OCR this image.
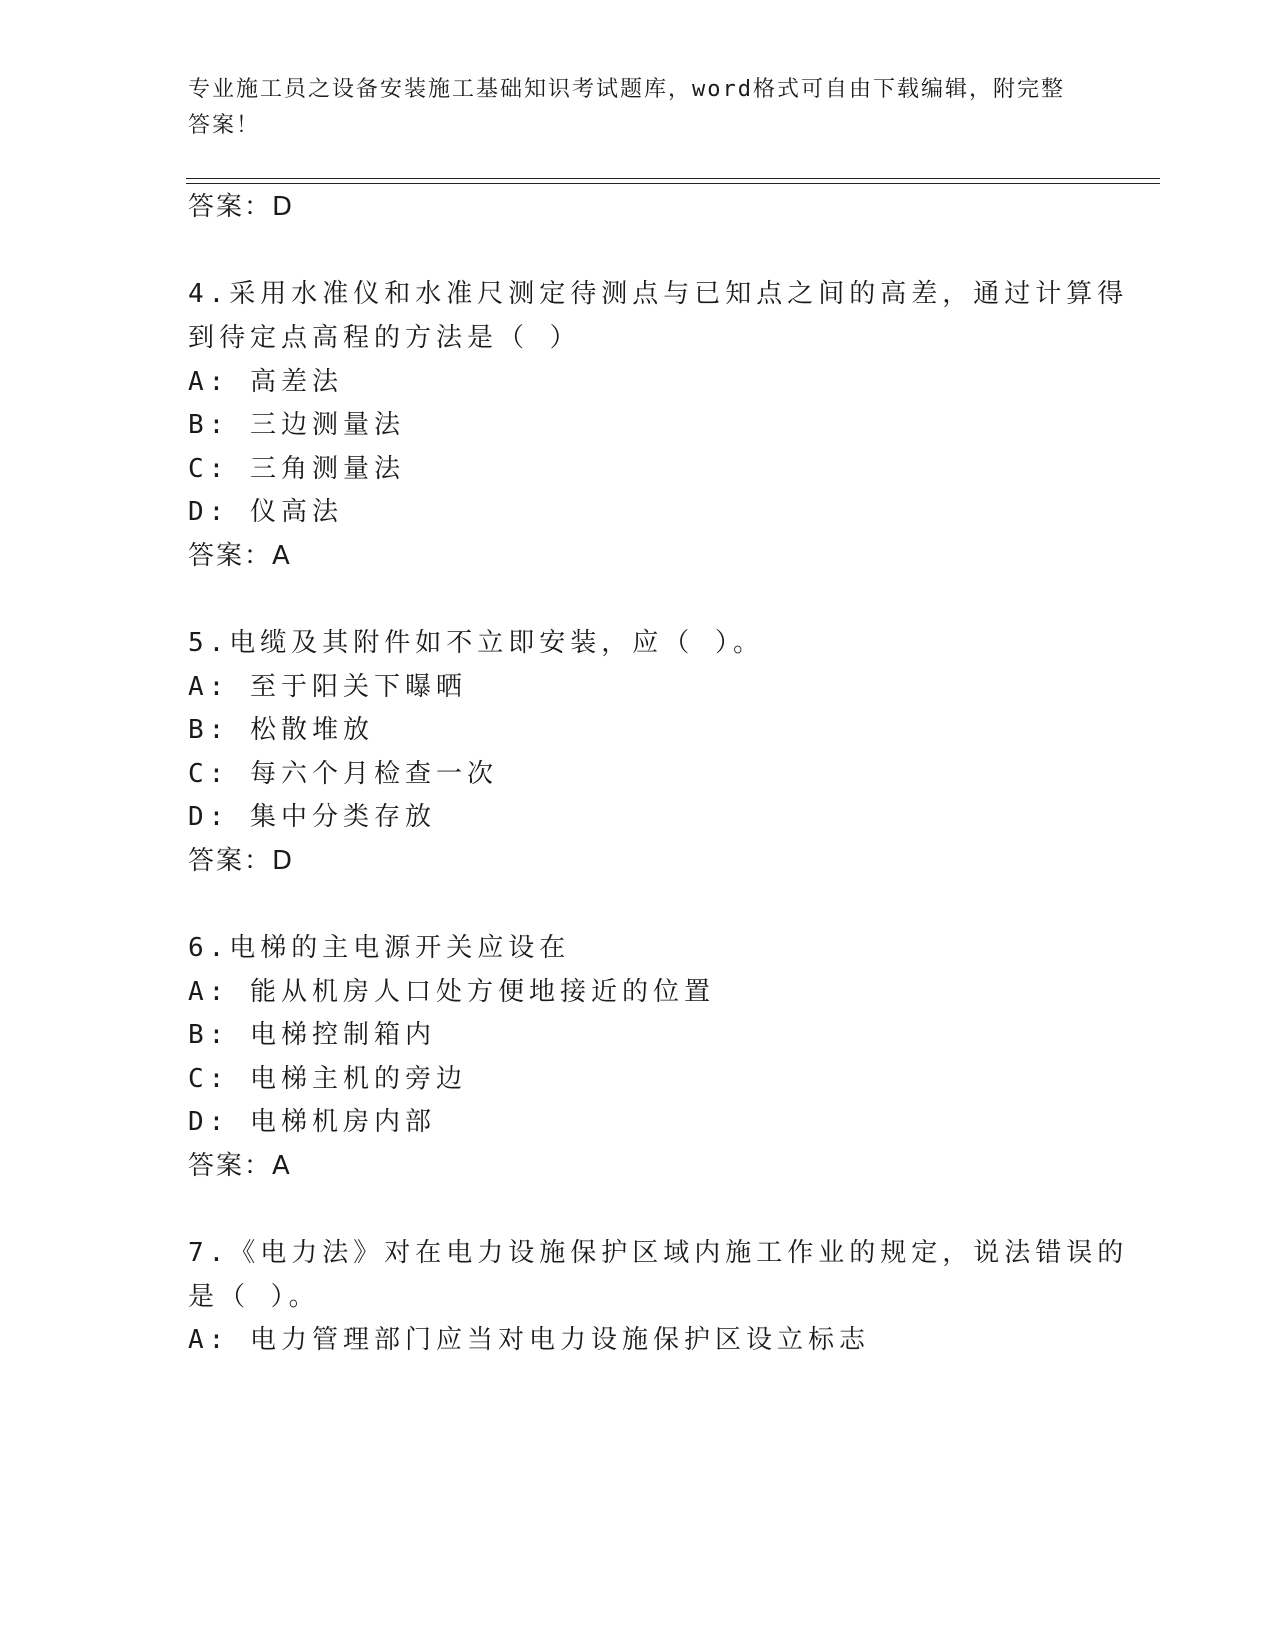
专业施工员之设备安装施工基础知识考试题库，word格式可自由下载编辑，附完整答案！
答案：D
4.采用水准仪和水准尺测定待测点与已知点之间的高差，通过计算得
到待定点高程的方法是（ ）
A: 高差法
B: 三边测量法
C: 三角测量法
D: 仪高法
答案：A
5.电缆及其附件如不立即安装，应（ ）。
A: 至于阳关下曝晒
B: 松散堆放
C: 每六个月检查一次
D: 集中分类存放
答案：D
6.电梯的主电源开关应设在
A: 能从机房人口处方便地接近的位置
B: 电梯控制箱内
C: 电梯主机的旁边
D: 电梯机房内部
答案：A
7.《电力法》对在电力设施保护区域内施工作业的规定，说法错误的
是（ ）。
A: 电力管理部门应当对电力设施保护区设立标志
